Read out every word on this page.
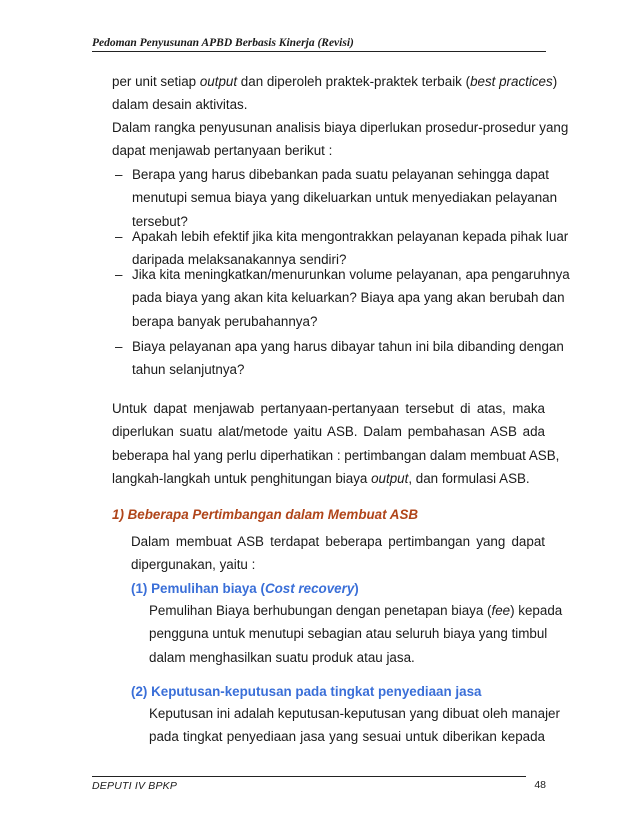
Pedoman Penyusunan APBD Berbasis Kinerja (Revisi)
per unit setiap output dan diperoleh praktek-praktek terbaik (best practices)
dalam desain aktivitas.
Dalam rangka penyusunan analisis biaya diperlukan prosedur-prosedur yang
dapat menjawab pertanyaan berikut :
– Berapa yang harus dibebankan pada suatu pelayanan sehingga dapat
menutupi semua biaya yang dikeluarkan untuk menyediakan pelayanan
tersebut?
– Apakah lebih efektif jika kita mengontrakkan pelayanan kepada pihak luar
daripada melaksanakannya sendiri?
– Jika kita meningkatkan/menurunkan volume pelayanan, apa pengaruhnya
pada biaya yang akan kita keluarkan? Biaya apa yang akan berubah dan
berapa banyak perubahannya?
– Biaya pelayanan apa yang harus dibayar tahun ini bila dibanding dengan
tahun selanjutnya?
Untuk dapat menjawab pertanyaan-pertanyaan tersebut di atas, maka
diperlukan suatu alat/metode yaitu ASB. Dalam pembahasan ASB ada
beberapa hal yang perlu diperhatikan : pertimbangan dalam membuat ASB,
langkah-langkah untuk penghitungan biaya output, dan formulasi ASB.
1) Beberapa Pertimbangan dalam Membuat ASB
Dalam membuat ASB terdapat beberapa pertimbangan yang dapat
dipergunakan, yaitu :
(1) Pemulihan biaya (Cost recovery)
Pemulihan Biaya berhubungan dengan penetapan biaya (fee) kepada
pengguna untuk menutupi sebagian atau seluruh biaya yang timbul
dalam menghasilkan suatu produk atau jasa.
(2) Keputusan-keputusan pada tingkat penyediaan jasa
Keputusan ini adalah keputusan-keputusan yang dibuat oleh manajer
pada tingkat penyediaan jasa yang sesuai untuk diberikan kepada
DEPUTI IV BPKP	48
